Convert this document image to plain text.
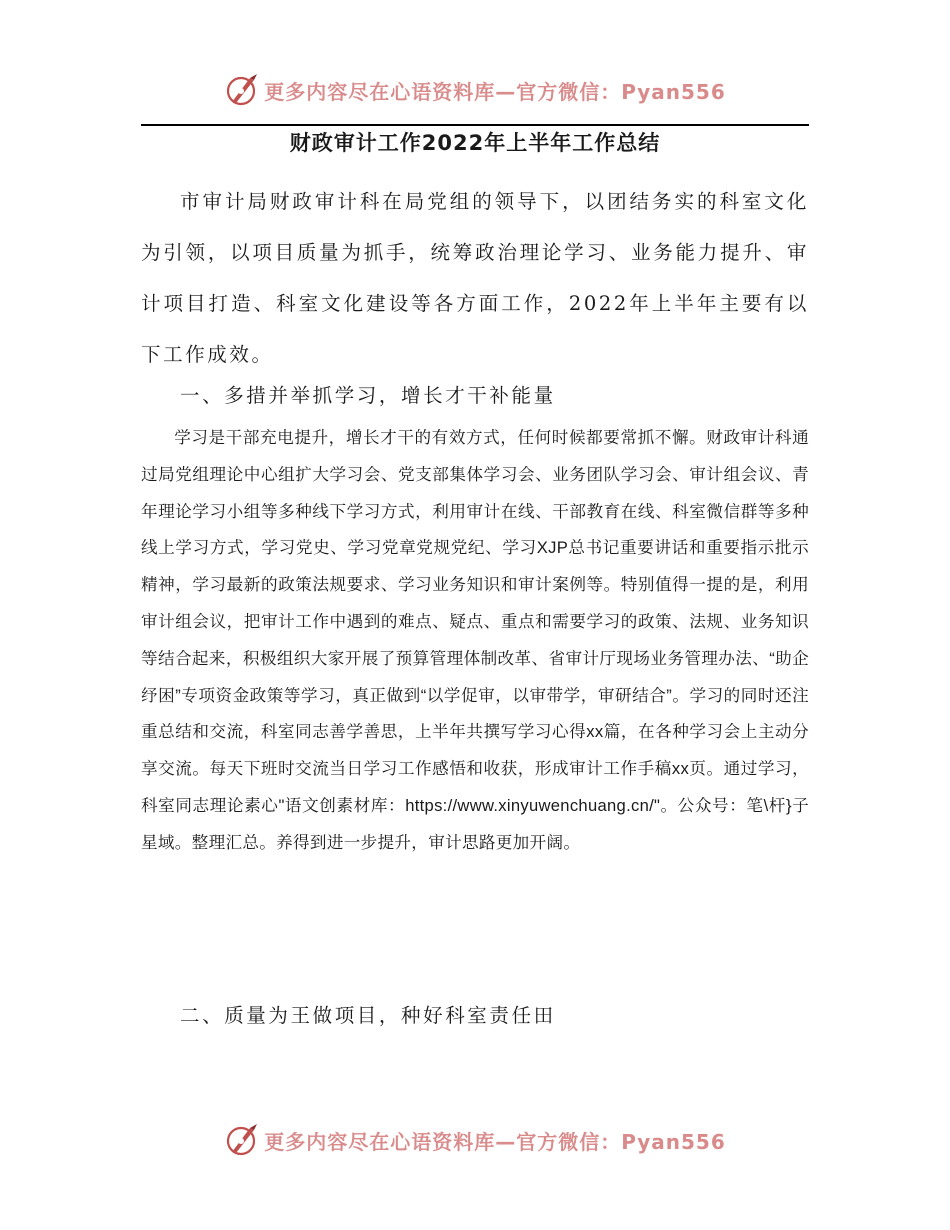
更多内容尽在心语资料库— 官方微信：Pyan556
财政审计工作2022年上半年工作总结

市审计局财政审计科在局党组的领导下，以团结务实的科室文化为引领，以项目质量为抓手，统筹政治理论学习、业务能力提升、审计项目打造、科室文化建设等各方面工作，2022年上半年主要有以下工作成效。

一、多措并举抓学习，增长才干补能量

学习是干部充电提升，增长才干的有效方式，任何时候都要常抓不懈。财政审计科通过局党组理论中心组扩大学习会、党支部集体学习会、业务团队学习会、审计组会议、青年理论学习小组等多种线下学习方式，利用审计在线、干部教育在线、科室微信群等多种线上学习方式，学习党史、学习党章党规党纪、学习XJP总书记重要讲话和重要指示批示精神，学习最新的政策法规要求、学习业务知识和审计案例等。特别值得一提的是，利用审计组会议，把审计工作中遇到的难点、疑点、重点和需要学习的政策、法规、业务知识等结合起来，积极组织大家开展了预算管理体制改革、省审计厅现场业务管理办法、“助企纾困”专项资金政策等学习，真正做到“以学促审，以审带学，审研结合”。学习的同时还注重总结和交流，科室同志善学善思，上半年共撰写学习心得xx篇，在各种学习会上主动分享交流。每天下班时交流当日学习工作感悟和收获，形成审计工作手稿xx页。通过学习，科室同志理论素心"语文创素材库：https://www.xinyuwenchuang.cn/"。公众号：笔\杆}子星域。整理汇总。养得到进一步提升，审计思路更加开阔。

二、质量为王做项目，种好科室责任田

更多内容尽在心语资料库— 官方微信：Pyan556
